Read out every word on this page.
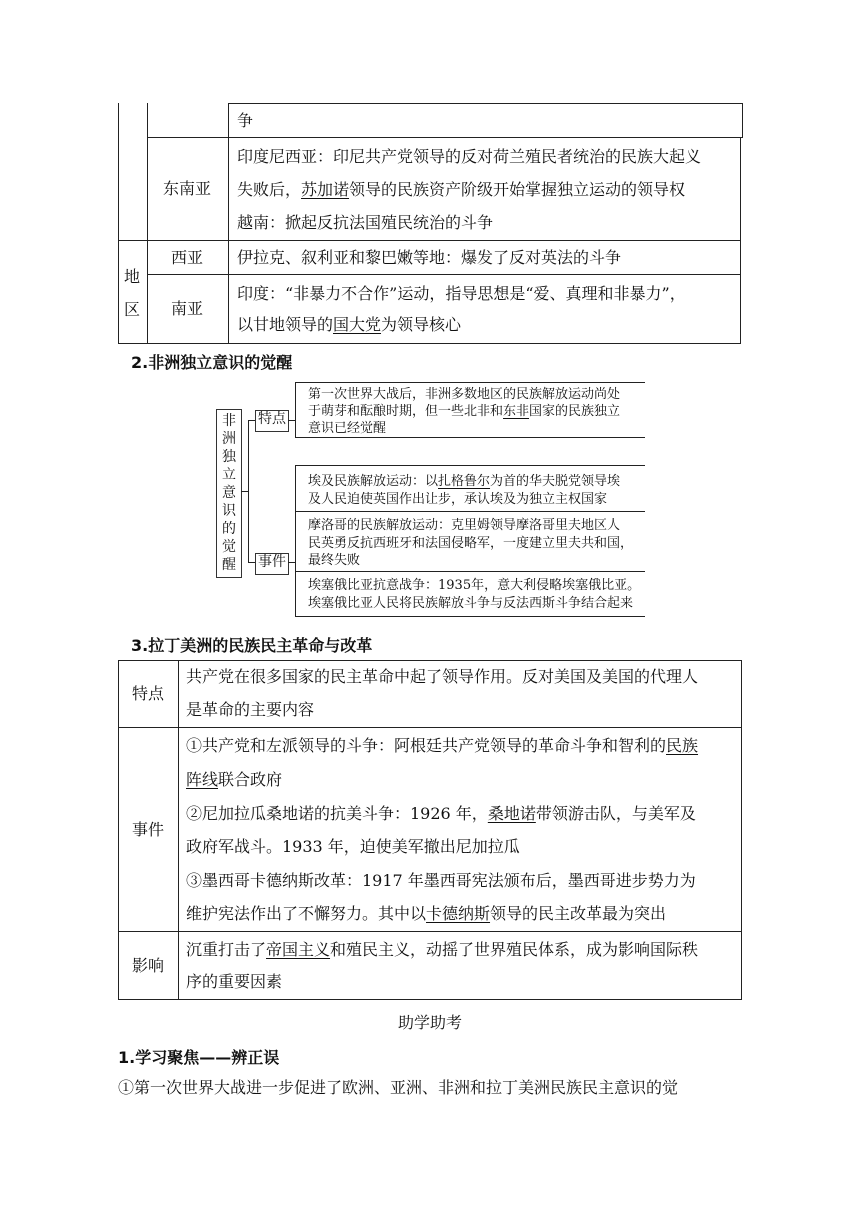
争
东南亚
印度尼西亚：印尼共产党领导的反对荷兰殖民者统治的民族大起义
失败后，苏加诺领导的民族资产阶级开始掌握独立运动的领导权
越南：掀起反抗法国殖民统治的斗争
地
区
西亚 伊拉克、叙利亚和黎巴嫩等地：爆发了反对英法的斗争
南亚
印度：“非暴力不合作”运动，指导思想是“爱、真理和非暴力”，
以甘地领导的国大党为领导核心
2.非洲独立意识的觉醒
非
洲
独
立
意
识
的
觉
醒
特点
事件
第一次世界大战后，非洲多数地区的民族解放运动尚处
于萌芽和酝酿时期，但一些北非和东非国家的民族独立
意识已经觉醒
埃及民族解放运动：以扎格鲁尔为首的华夫脱党领导埃
及人民迫使英国作出让步，承认埃及为独立主权国家
摩洛哥的民族解放运动：克里姆领导摩洛哥里夫地区人
民英勇反抗西班牙和法国侵略军，一度建立里夫共和国，
最终失败
埃塞俄比亚抗意战争：1935年，意大利侵略埃塞俄比亚。
埃塞俄比亚人民将民族解放斗争与反法西斯斗争结合起来
3.拉丁美洲的民族民主革命与改革
特点
共产党在很多国家的民主革命中起了领导作用。反对美国及美国的代理人
是革命的主要内容
事件
①共产党和左派领导的斗争：阿根廷共产党领导的革命斗争和智利的民族
阵线联合政府
②尼加拉瓜桑地诺的抗美斗争：1926 年，桑地诺带领游击队，与美军及
政府军战斗。1933 年，迫使美军撤出尼加拉瓜
③墨西哥卡德纳斯改革：1917 年墨西哥宪法颁布后，墨西哥进步势力为
维护宪法作出了不懈努力。其中以卡德纳斯领导的民主改革最为突出
影响
沉重打击了帝国主义和殖民主义，动摇了世界殖民体系，成为影响国际秩
序的重要因素
助学助考
1.学习聚焦——辨正误
①第一次世界大战进一步促进了欧洲、亚洲、非洲和拉丁美洲民族民主意识的觉
